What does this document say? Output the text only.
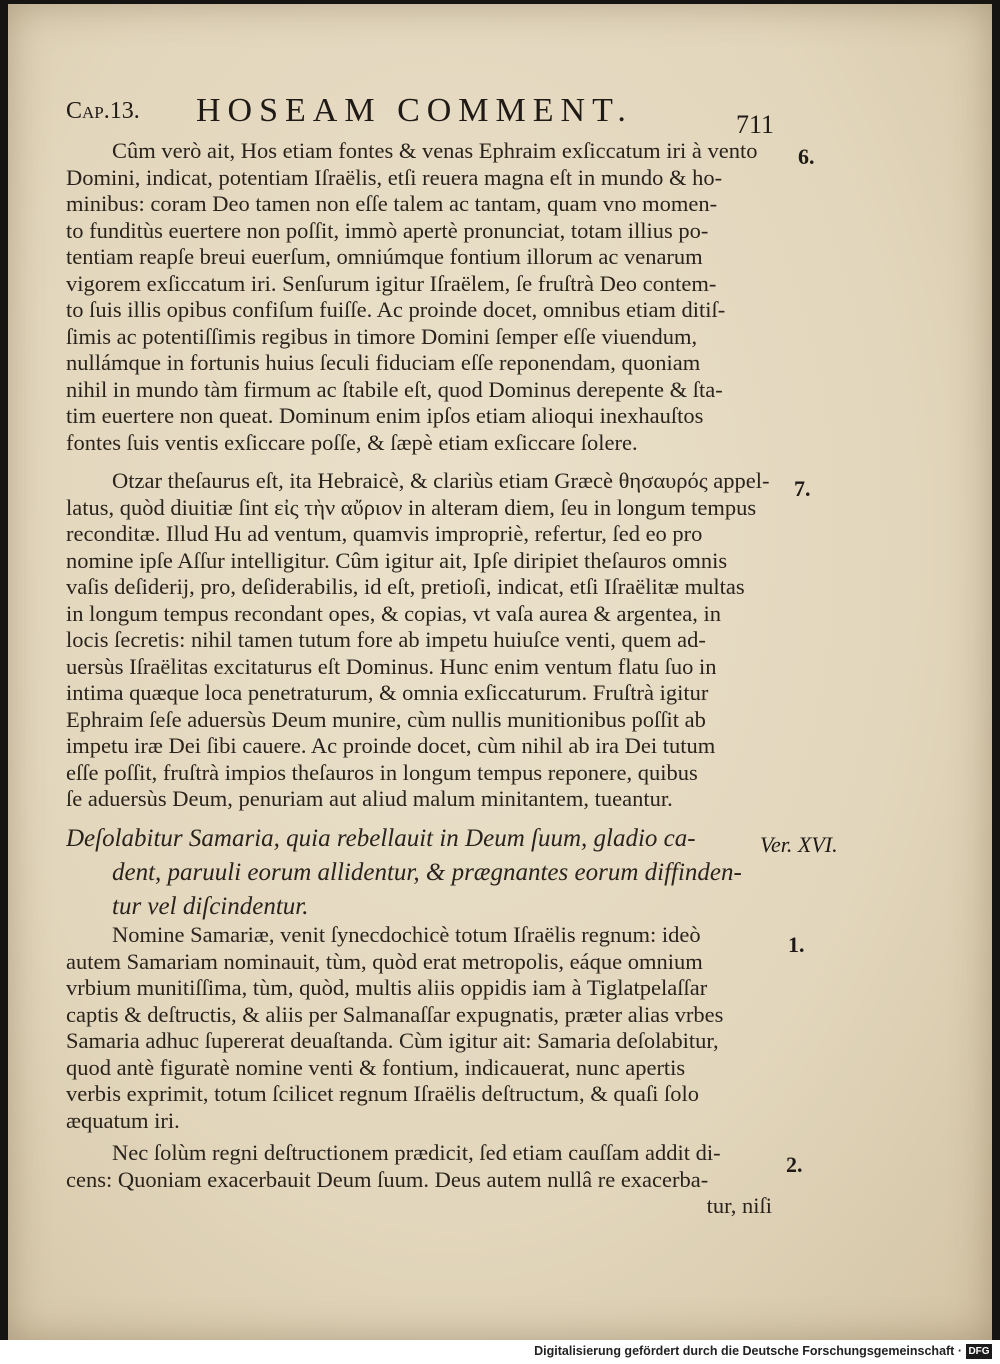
Cap.13. HOSEAM COMMENT.	711
Cûm verò ait, Hos etiam fontes & venas Ephraim exſiccatum iri à vento
Domini, indicat, potentiam Iſraëlis, etſi reuera magna eſt in mundo & ho-
minibus: coram Deo tamen non eſſe talem ac tantam, quam vno momen-
to funditùs euertere non poſſit, immò apertè pronunciat, totam illius po-
tentiam reapſe breui euerſum, omniúmque fontium illorum ac venarum
vigorem exſiccatum iri. Senſurum igitur Iſraëlem, ſe fruſtrà Deo contem-
to ſuis illis opibus confiſum fuiſſe. Ac proinde docet, omnibus etiam ditiſ-
ſimis ac potentiſſimis regibus in timore Domini ſemper eſſe viuendum,
nullámque in fortunis huius ſeculi fiduciam eſſe reponendam, quoniam
nihil in mundo tàm firmum ac ſtabile eſt, quod Dominus derepente & ſta-
tim euertere non queat. Dominum enim ipſos etiam alioqui inexhauſtos
fontes ſuis ventis exſiccare poſſe, & ſæpè etiam exſiccare ſolere.
Otzar theſaurus eſt, ita Hebraicè, & clariùs etiam Græcè θησαυρός appel-
latus, quòd diuitiæ ſint εἰς τὴν αὔριον in alteram diem, ſeu in longum tempus
reconditæ. Illud Hu ad ventum, quamvis impropriè, refertur, ſed eo pro
nomine ipſe Aſſur intelligitur. Cûm igitur ait, Ipſe diripiet theſauros omnis
vaſis deſiderij, pro, deſiderabilis, id eſt, pretioſi, indicat, etſi Iſraëlitæ multas
in longum tempus recondant opes, & copias, vt vaſa aurea & argentea, in
locis ſecretis: nihil tamen tutum fore ab impetu huiuſce venti, quem ad-
uersùs Iſraëlitas excitaturus eſt Dominus. Hunc enim ventum flatu ſuo in
intima quæque loca penetraturum, & omnia exſiccaturum. Fruſtrà igitur
Ephraim ſeſe aduersùs Deum munire, cùm nullis munitionibus poſſit ab
impetu iræ Dei ſibi cauere. Ac proinde docet, cùm nihil ab ira Dei tutum
eſſe poſſit, fruſtrà impios theſauros in longum tempus reponere, quibus
ſe aduersùs Deum, penuriam aut aliud malum minitantem, tueantur.
Deſolabitur Samaria, quia rebellauit in Deum ſuum, gladio ca-
dent, paruuli eorum allidentur, & prægnantes eorum diffinden-
tur vel diſcindentur.
Nomine Samariæ, venit ſynecdochicè totum Iſraëlis regnum: ideò
autem Samariam nominauit, tùm, quòd erat metropolis, eáque omnium
vrbium munitiſſima, tùm, quòd, multis aliis oppidis iam à Tiglatpelaſſar
captis & deſtructis, & aliis per Salmanaſſar expugnatis, præter alias vrbes
Samaria adhuc ſupererat deuaſtanda. Cùm igitur ait: Samaria deſolabitur,
quod antè figuratè nomine venti & fontium, indicauerat, nunc apertis
verbis exprimit, totum ſcilicet regnum Iſraëlis deſtructum, & quaſi ſolo
æquatum iri.
Nec ſolùm regni deſtructionem prædicit, ſed etiam cauſſam addit di-
cens: Quoniam exacerbauit Deum ſuum. Deus autem nullâ re exacerba-
tur, niſi
6.
7.
Ver. XVI.
1.
2.
Digitalisierung gefördert durch die Deutsche Forschungsgemeinschaft · DFG
